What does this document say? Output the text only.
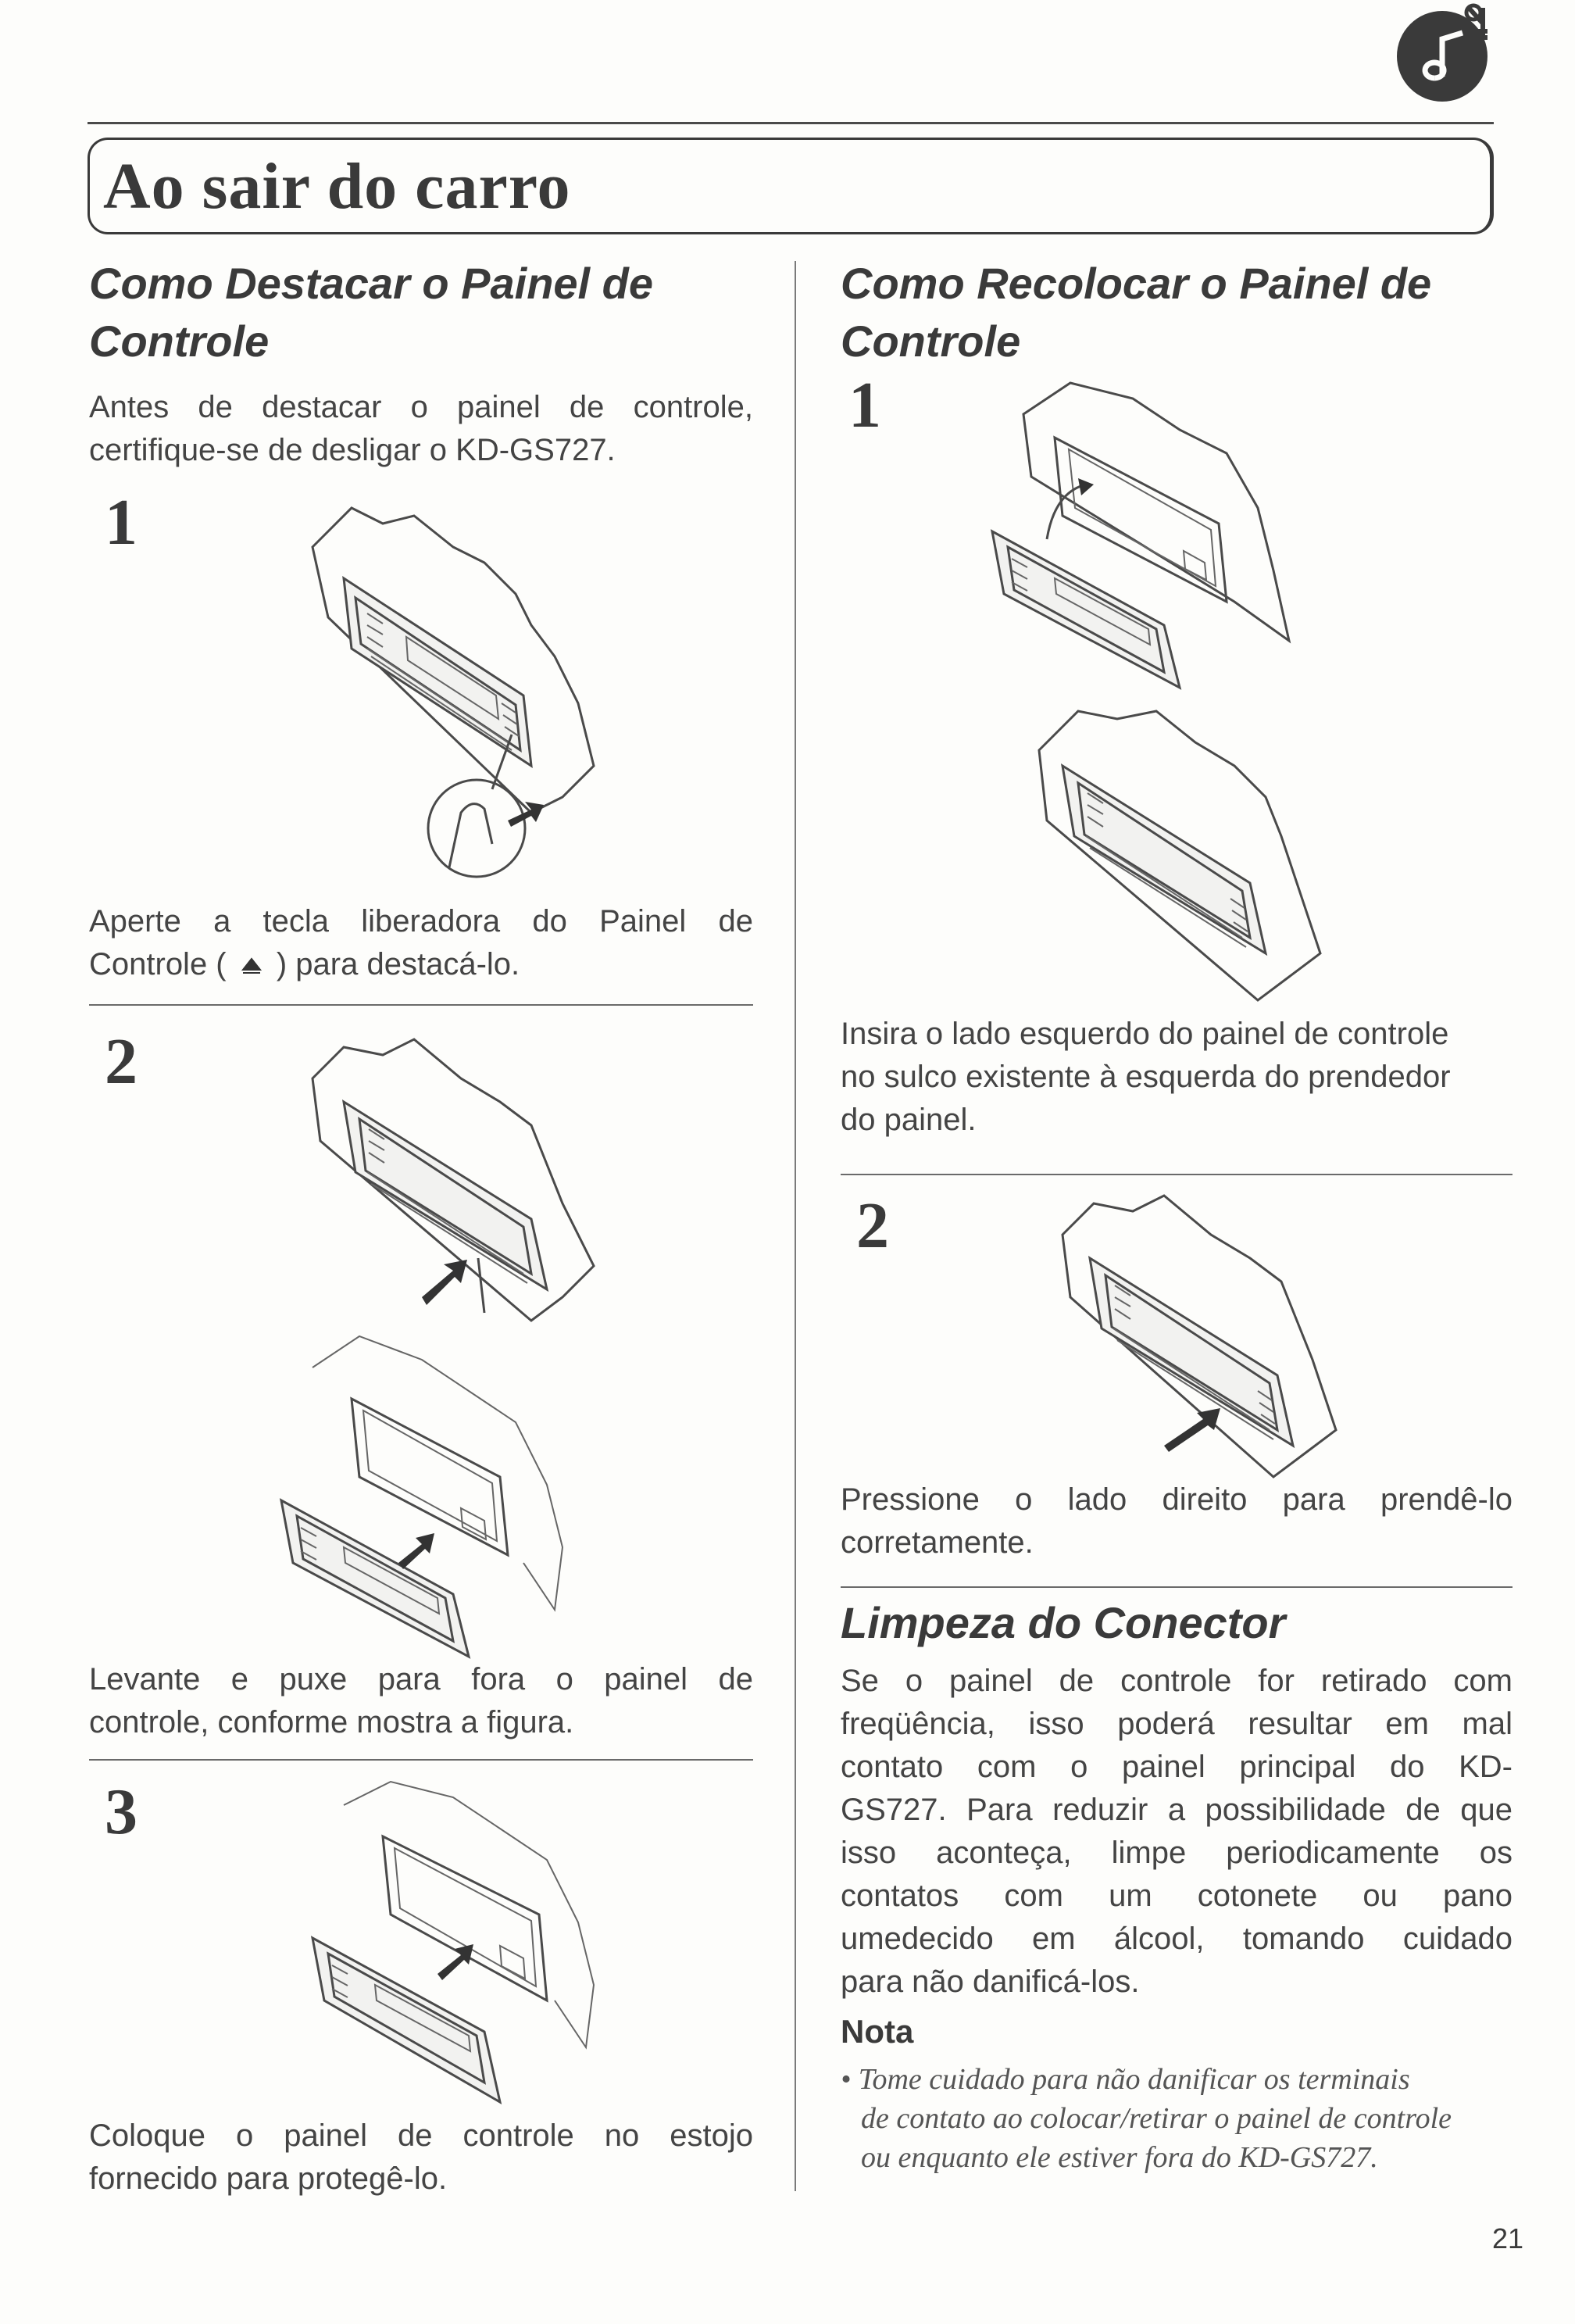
Ao sair do carro
Como Destacar o Painel de
Controle
Antes de destacar o painel de controle,
certifique-se de desligar o KD-GS727.
1
Aperte a tecla liberadora do Painel de
Controle ( ) para destacá-lo.
2
Levante e puxe para fora o painel de
controle, conforme mostra a figura.
3
Coloque o painel de controle no estojo
fornecido para protegê-lo.
Como Recolocar o Painel de
Controle
1
Insira o lado esquerdo do painel de controle
no sulco existente à esquerda do prendedor
do painel.
2
Pressione o lado direito para prendê-lo
corretamente.
Limpeza do Conector
Se o painel de controle for retirado com
freqüência, isso poderá resultar em mal
contato com o painel principal do KD-
GS727. Para reduzir a possibilidade de que
isso aconteça, limpe periodicamente os
contatos com um cotonete ou pano
umedecido em álcool, tomando cuidado
para não danificá-los.
Nota
• Tome cuidado para não danificar os terminais
de contato ao colocar/retirar o painel de controle
ou enquanto ele estiver fora do KD-GS727.
21
